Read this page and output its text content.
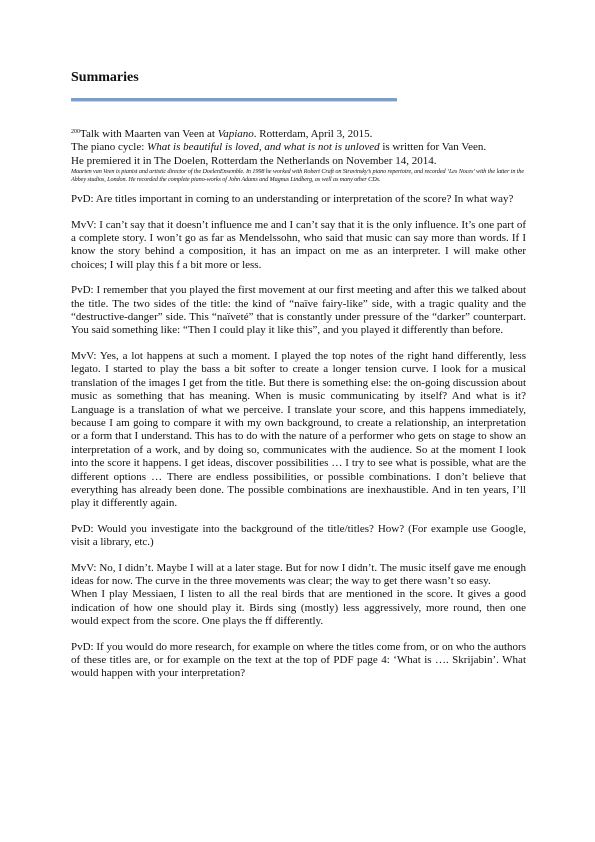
Summaries

$^{200}$Talk with Maarten van Veen at Vapiano. Rotterdam, April 3, 2015.

The piano cycle: What is beautiful is loved, and what is not is unloved is written for Van Veen.

He premiered it in The Doelen, Rotterdam the Netherlands on November 14, 2014.

Maarten van Veen is pianist and artistic director of the DoelenEnsemble. In 1998 he worked with Robert Craft on Stravinsky’s piano repertoire, and recorded ‘Les Noces’ with the latter in the Abbey studios, London. He recorded the complete piano-works of John Adams and Magnus Lindberg, as well as many other CDs.

PvD: Are titles important in coming to an understanding or interpretation of the score? In what way?

MvV: I can’t say that it doesn’t influence me and I can’t say that it is the only influence. It’s one part of a complete story. I won’t go as far as Mendelssohn, who said that music can say more than words. If I know the story behind a composition, it has an impact on me as an interpreter. I will make other choices; I will play this f a bit more or less.

PvD: I remember that you played the first movement at our first meeting and after this we talked about the title. The two sides of the title: the kind of “naïve fairy-like” side, with a tragic quality and the “destructive-danger” side. This “naïveté” that is constantly under pressure of the “darker” counterpart. You said something like: “Then I could play it like this”, and you played it differently than before.

MvV: Yes, a lot happens at such a moment. I played the top notes of the right hand differently, less legato. I started to play the bass a bit softer to create a longer tension curve. I look for a musical translation of the images I get from the title. But there is something else: the on-going discussion about music as something that has meaning. When is music communicating by itself? And what is it? Language is a translation of what we perceive. I translate your score, and this happens immediately, because I am going to compare it with my own background, to create a relationship, an interpretation or a form that I understand. This has to do with the nature of a performer who gets on stage to show an interpretation of a work, and by doing so, communicates with the audience. So at the moment I look into the score it happens. I get ideas, discover possibilities … I try to see what is possible, what are the different options … There are endless possibilities, or possible combinations. I don’t believe that everything has already been done. The possible combinations are inexhaustible. And in ten years, I’ll play it differently again.

PvD: Would you investigate into the background of the title/titles? How? (For example use Google, visit a library, etc.)

MvV: No, I didn’t. Maybe I will at a later stage. But for now I didn’t. The music itself gave me enough ideas for now. The curve in the three movements was clear; the way to get there wasn’t so easy.
When I play Messiaen, I listen to all the real birds that are mentioned in the score. It gives a good indication of how one should play it. Birds sing (mostly) less aggressively, more round, then one would expect from the score. One plays the ff differently.

PvD: If you would do more research, for example on where the titles come from, or on who the authors of these titles are, or for example on the text at the top of PDF page 4: ‘What is …. Skrijabin’. What would happen with your interpretation?
